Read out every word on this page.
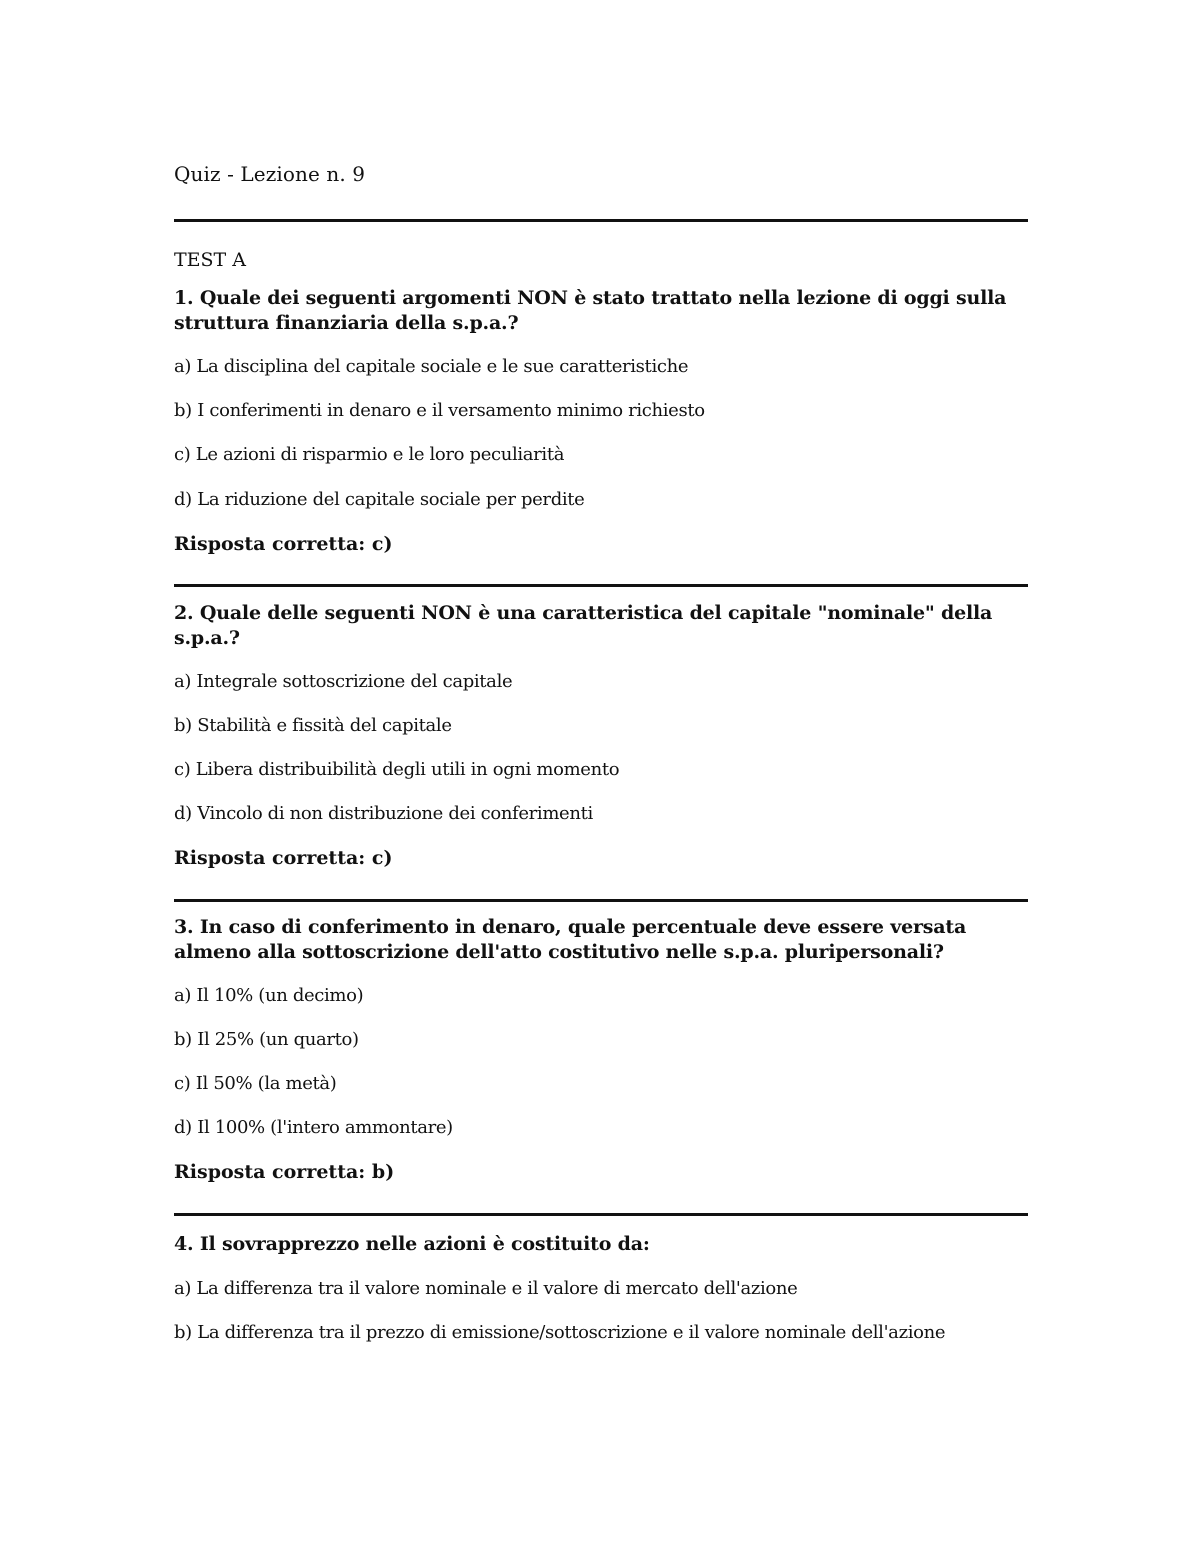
Quiz - Lezione n. 9
TEST A

1. Quale dei seguenti argomenti NON è stato trattato nella lezione di oggi sulla struttura finanziaria della s.p.a.?

a) La disciplina del capitale sociale e le sue caratteristiche

b) I conferimenti in denaro e il versamento minimo richiesto

c) Le azioni di risparmio e le loro peculiarità

d) La riduzione del capitale sociale per perdite

Risposta corretta: c)

2. Quale delle seguenti NON è una caratteristica del capitale "nominale" della s.p.a.?

a) Integrale sottoscrizione del capitale

b) Stabilità e fissità del capitale

c) Libera distribuibilità degli utili in ogni momento

d) Vincolo di non distribuzione dei conferimenti

Risposta corretta: c)

3. In caso di conferimento in denaro, quale percentuale deve essere versata almeno alla sottoscrizione dell'atto costitutivo nelle s.p.a. pluripersonali?

a) Il 10% (un decimo)

b) Il 25% (un quarto)

c) Il 50% (la metà)

d) Il 100% (l'intero ammontare)

Risposta corretta: b)

4. Il sovrapprezzo nelle azioni è costituito da:

a) La differenza tra il valore nominale e il valore di mercato dell'azione

b) La differenza tra il prezzo di emissione/sottoscrizione e il valore nominale dell'azione
